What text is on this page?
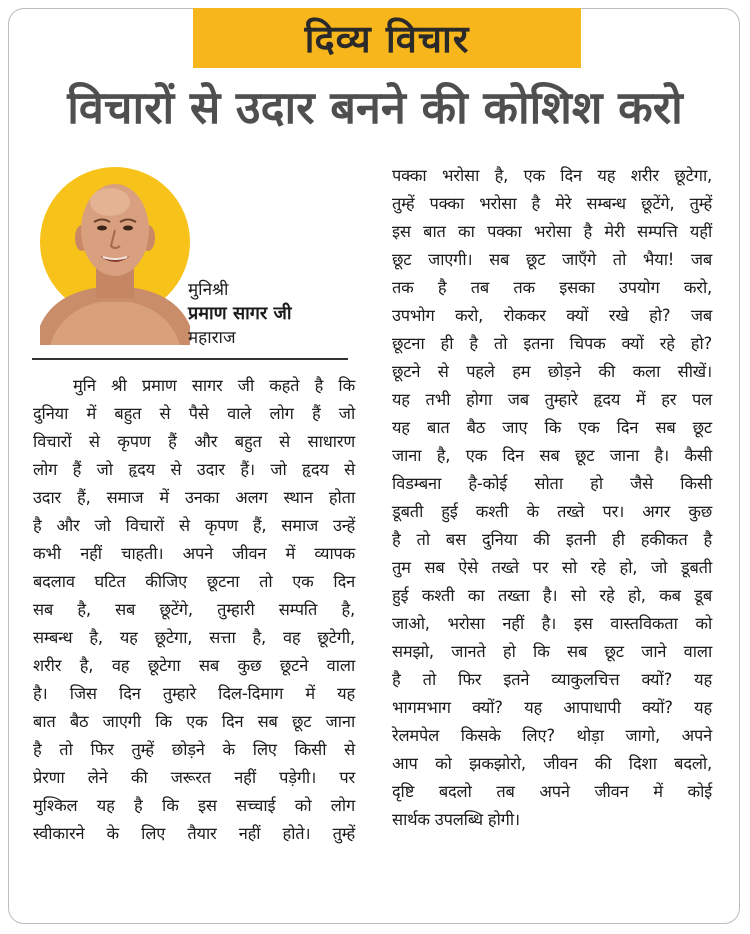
दिव्य विचार
विचारों से उदार बनने की कोशिश करो
मुनिश्री
प्रमाण सागर जी
महाराज
मुनि श्री प्रमाण सागर जी कहते है कि
दुनिया में बहुत से पैसे वाले लोग हैं जो
विचारों से कृपण हैं और बहुत से साधारण
लोग हैं जो हृदय से उदार हैं। जो हृदय से
उदार हैं, समाज में उनका अलग स्थान होता
है और जो विचारों से कृपण हैं, समाज उन्हें
कभी नहीं चाहती। अपने जीवन में व्यापक
बदलाव घटित कीजिए छूटना तो एक दिन
सब है, सब छूटेंगे, तुम्हारी सम्पति है,
सम्बन्ध है, यह छूटेगा, सत्ता है, वह छूटेगी,
शरीर है, वह छूटेगा सब कुछ छूटने वाला
है। जिस दिन तुम्हारे दिल-दिमाग में यह
बात बैठ जाएगी कि एक दिन सब छूट जाना
है तो फिर तुम्हें छोड़ने के लिए किसी से
प्रेरणा लेने की जरूरत नहीं पड़ेगी। पर
मुश्किल यह है कि इस सच्चाई को लोग
स्वीकारने के लिए तैयार नहीं होते। तुम्हें
पक्का भरोसा है, एक दिन यह शरीर छूटेगा,
तुम्हें पक्का भरोसा है मेरे सम्बन्ध छूटेंगे, तुम्हें
इस बात का पक्का भरोसा है मेरी सम्पत्ति यहीं
छूट जाएगी। सब छूट जाएँगे तो भैया! जब
तक है तब तक इसका उपयोग करो,
उपभोग करो, रोककर क्यों रखे हो? जब
छूटना ही है तो इतना चिपक क्यों रहे हो?
छूटने से पहले हम छोड़ने की कला सीखें।
यह तभी होगा जब तुम्हारे हृदय में हर पल
यह बात बैठ जाए कि एक दिन सब छूट
जाना है, एक दिन सब छूट जाना है। कैसी
विडम्बना है-कोई सोता हो जैसे किसी
डूबती हुई कश्ती के तख्ते पर। अगर कुछ
है तो बस दुनिया की इतनी ही हकीकत है
तुम सब ऐसे तख्ते पर सो रहे हो, जो डूबती
हुई कश्ती का तख्ता है। सो रहे हो, कब डूब
जाओ, भरोसा नहीं है। इस वास्तविकता को
समझो, जानते हो कि सब छूट जाने वाला
है तो फिर इतने व्याकुलचित्त क्यों? यह
भागमभाग क्यों? यह आपाधापी क्यों? यह
रेलमपेल किसके लिए? थोड़ा जागो, अपने
आप को झकझोरो, जीवन की दिशा बदलो,
दृष्टि बदलो तब अपने जीवन में कोई
सार्थक उपलब्धि होगी।
